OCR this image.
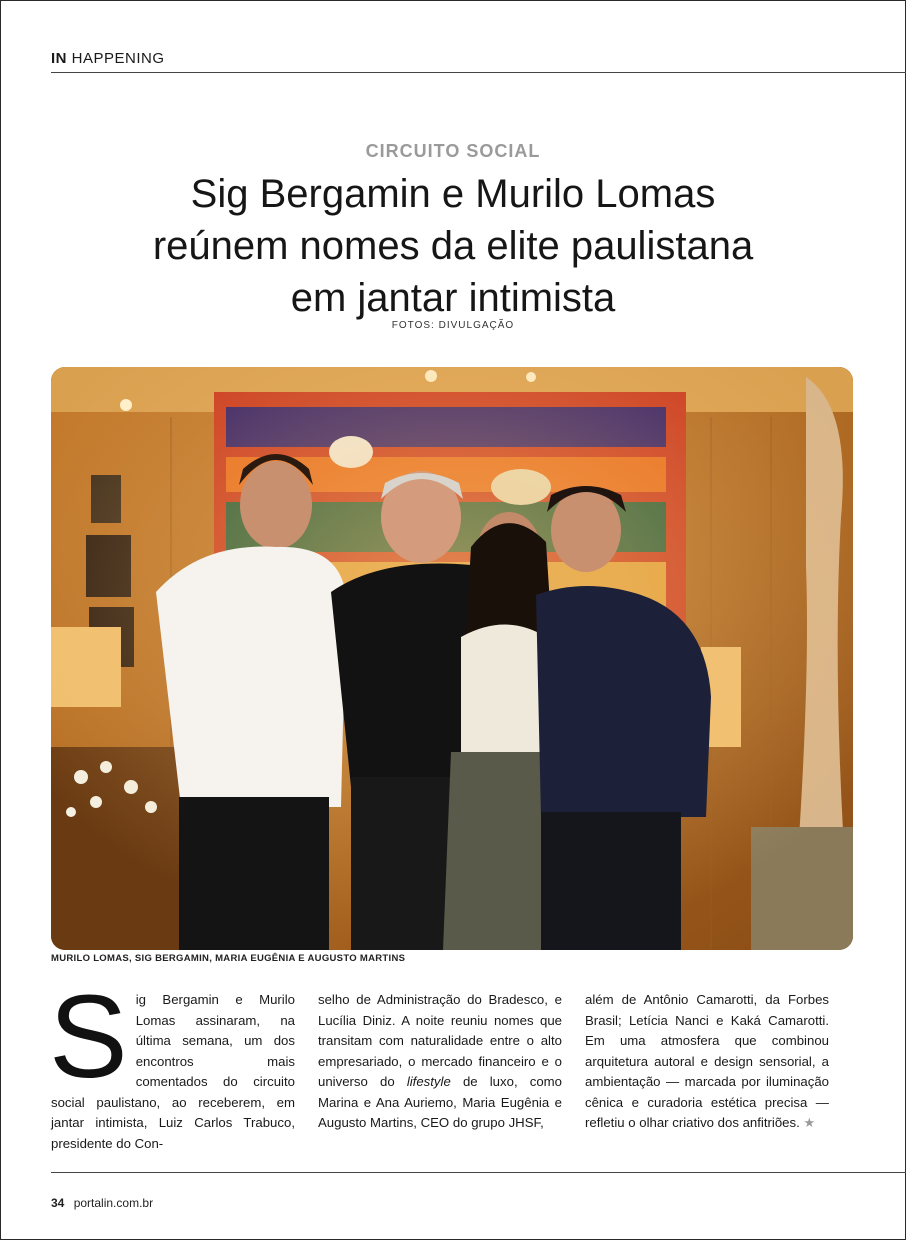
IN HAPPENING
CIRCUITO SOCIAL
Sig Bergamin e Murilo Lomas
reúnem nomes da elite paulistana
em jantar intimista
FOTOS: DIVULGAÇÃO
MURILO LOMAS, SIG BERGAMIN, MARIA EUGÊNIA E AUGUSTO MARTINS
Sig Bergamin e Murilo Lomas assinaram, na última semana, um dos encontros mais comentados do circuito social paulistano, ao receberem, em jantar intimista, Luiz Carlos Trabuco, presidente do Con-
selho de Administração do Bradesco, e Lucília Diniz. A noite reuniu nomes que transitam com naturalidade entre o alto empresariado, o mercado financeiro e o universo do lifestyle de luxo, como Marina e Ana Auriemo, Maria Eugênia e Augusto Martins, CEO do grupo JHSF,
além de Antônio Camarotti, da Forbes Brasil; Letícia Nanci e Kaká Camarotti. Em uma atmosfera que combinou arquitetura autoral e design sensorial, a ambientação — marcada por iluminação cênica e curadoria estética precisa — refletiu o olhar criativo dos anfitriões. ★
34 portalin.com.br
